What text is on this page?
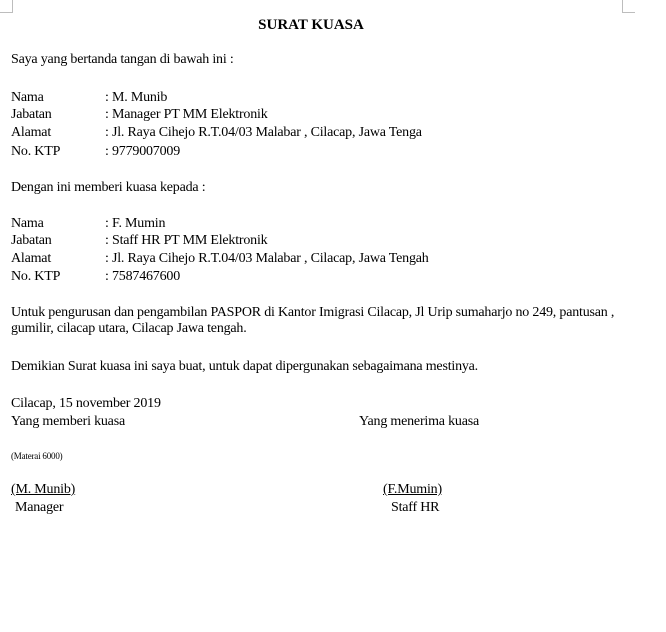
SURAT KUASA
Saya yang bertanda tangan di bawah ini :
Nama	: M. Munib
Jabatan	: Manager PT MM Elektronik
Alamat	: Jl. Raya Cihejo R.T.04/03 Malabar , Cilacap, Jawa Tenga
No. KTP	: 9779007009
Dengan ini memberi kuasa kepada :
Nama	: F. Mumin
Jabatan	: Staff HR PT MM Elektronik
Alamat	: Jl. Raya Cihejo R.T.04/03 Malabar , Cilacap, Jawa Tengah
No. KTP	: 7587467600
Untuk pengurusan dan pengambilan PASPOR di Kantor Imigrasi Cilacap, Jl Urip sumaharjo no 249, pantusan , gumilir, cilacap utara, Cilacap Jawa tengah.
Demikian Surat kuasa ini saya buat, untuk dapat dipergunakan sebagaimana mestinya.
Cilacap, 15 november 2019
Yang memberi kuasa	Yang menerima kuasa
(Materai 6000)
(M. Munib)	(F.Mumin)
Manager	Staff HR
